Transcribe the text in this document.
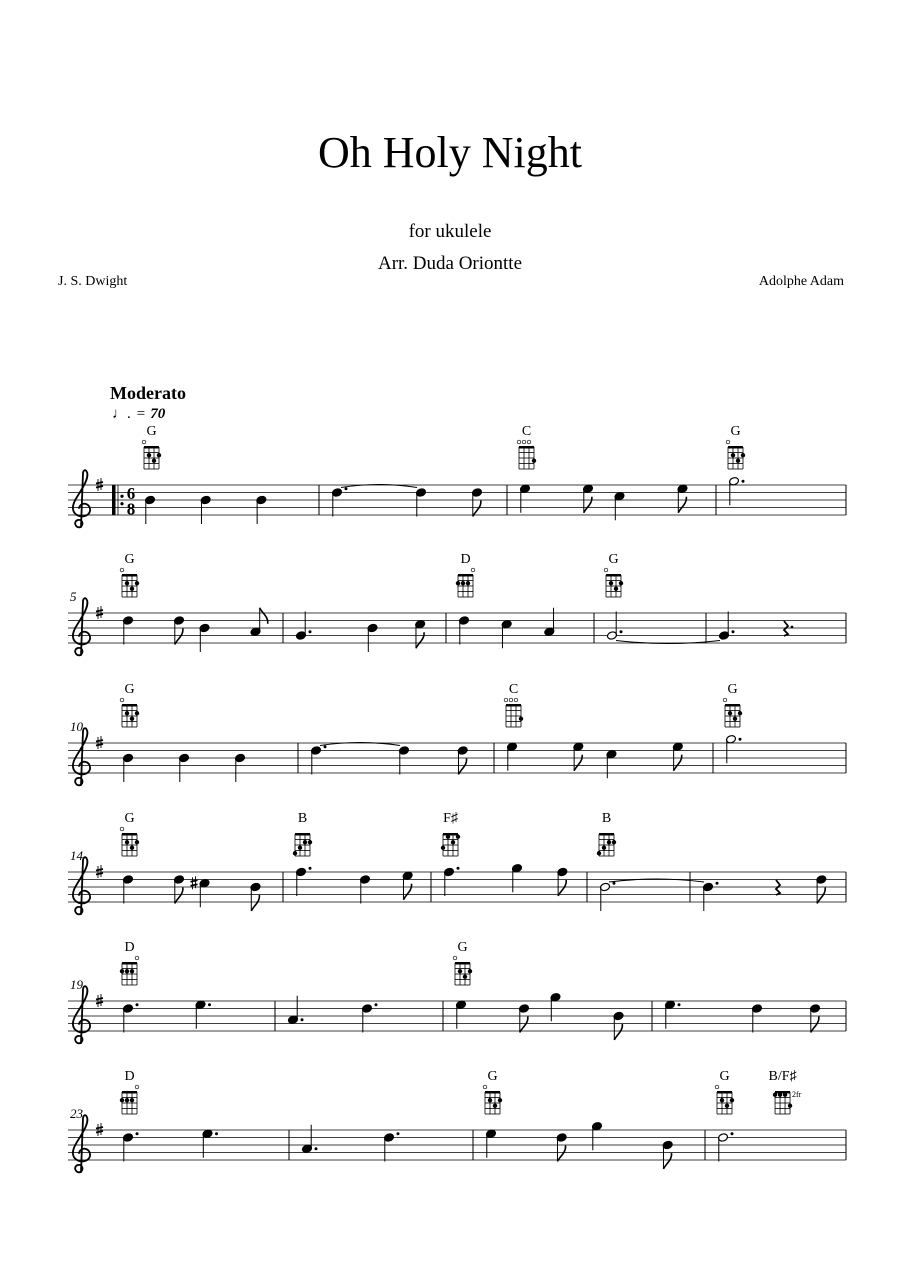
Oh Holy Night
for ukulele
Arr. Duda Oriontte
J. S. Dwight	Adolphe Adam
Moderato
♩. = 70
6
8
G	C	G
5
G	D	G
10
G	C	G
14
G	B	F♯	B
19
D	G
23
D	G	G	B/F♯
2fr
